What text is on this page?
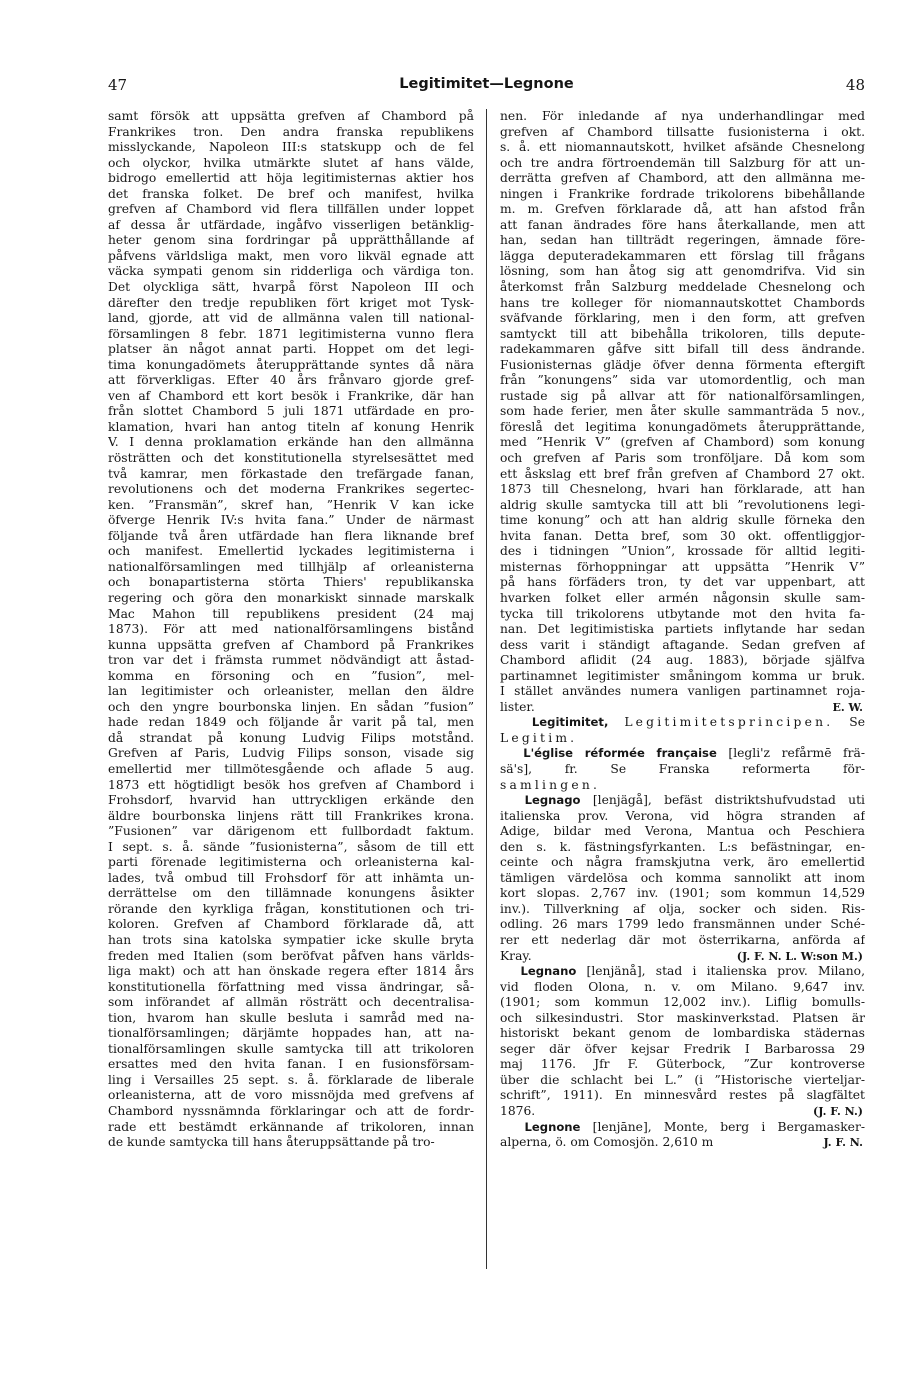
47	Legitimitet—Legnone	48
samt försök att uppsätta grefven af Chambord på
Frankrikes tron. Den andra franska republikens
misslyckande, Napoleon III:s statskupp och de fel
och olyckor, hvilka utmärkte slutet af hans välde,
bidrogo emellertid att höja legitimisternas aktier hos
det franska folket. De bref och manifest, hvilka
grefven af Chambord vid flera tillfällen under loppet
af dessa år utfärdade, ingåfvo visserligen betänklig-
heter genom sina fordringar på upprätthållande af
påfvens världsliga makt, men voro likväl egnade att
väcka sympati genom sin ridderliga och värdiga ton.
Det olyckliga sätt, hvarpå först Napoleon III och
därefter den tredje republiken fört kriget mot Tysk-
land, gjorde, att vid de allmänna valen till national-
församlingen 8 febr. 1871 legitimisterna vunno flera
platser än något annat parti. Hoppet om det legi-
tima konungadömets återupprättande syntes då nära
att förverkligas. Efter 40 års frånvaro gjorde gref-
ven af Chambord ett kort besök i Frankrike, där han
från slottet Chambord 5 juli 1871 utfärdade en pro-
klamation, hvari han antog titeln af konung Henrik
V. I denna proklamation erkände han den allmänna
rösträtten och det konstitutionella styrelsesättet med
två kamrar, men förkastade den trefärgade fanan,
revolutionens och det moderna Frankrikes segertec-
ken. ”Fransmän”, skref han, ”Henrik V kan icke
öfverge Henrik IV:s hvita fana.” Under de närmast
följande två åren utfärdade han flera liknande bref
och manifest. Emellertid lyckades legitimisterna i
nationalförsamlingen med tillhjälp af orleanisterna
och bonapartisterna störta Thiers' republikanska
regering och göra den monarkiskt sinnade marskalk
Mac Mahon till republikens president (24 maj
1873). För att med nationalförsamlingens bistånd
kunna uppsätta grefven af Chambord på Frankrikes
tron var det i främsta rummet nödvändigt att åstad-
komma en försoning och en ”fusion”, mel-
lan legitimister och orleanister, mellan den äldre
och den yngre bourbonska linjen. En sådan ”fusion”
hade redan 1849 och följande år varit på tal, men
då strandat på konung Ludvig Filips motstånd.
Grefven af Paris, Ludvig Filips sonson, visade sig
emellertid mer tillmötesgående och aflade 5 aug.
1873 ett högtidligt besök hos grefven af Chambord i
Frohsdorf, hvarvid han uttryckligen erkände den
äldre bourbonska linjens rätt till Frankrikes krona.
”Fusionen” var därigenom ett fullbordadt faktum.
I sept. s. å. sände ”fusionisterna”, såsom de till ett
parti förenade legitimisterna och orleanisterna kal-
lades, två ombud till Frohsdorf för att inhämta un-
derrättelse om den tillämnade konungens åsikter
rörande den kyrkliga frågan, konstitutionen och tri-
koloren. Grefven af Chambord förklarade då, att
han trots sina katolska sympatier icke skulle bryta
freden med Italien (som beröfvat påfven hans världs-
liga makt) och att han önskade regera efter 1814 års
konstitutionella författning med vissa ändringar, så-
som införandet af allmän rösträtt och decentralisa-
tion, hvarom han skulle besluta i samråd med na-
tionalförsamlingen; därjämte hoppades han, att na-
tionalförsamlingen skulle samtycka till att trikoloren
ersattes med den hvita fanan. I en fusionsförsam-
ling i Versailles 25 sept. s. å. förklarade de liberale
orleanisterna, att de voro missnöjda med grefvens af
Chambord nyssnämnda förklaringar och att de fordr-
rade ett bestämdt erkännande af trikoloren, innan
de kunde samtycka till hans återuppsättande på tro-
nen. För inledande af nya underhandlingar med
grefven af Chambord tillsatte fusionisterna i okt.
s. å. ett niomannautskott, hvilket afsände Chesnelong
och tre andra förtroendemän till Salzburg för att un-
derrätta grefven af Chambord, att den allmänna me-
ningen i Frankrike fordrade trikolorens bibehållande
m. m. Grefven förklarade då, att han afstod från
att fanan ändrades före hans återkallande, men att
han, sedan han tillträdt regeringen, ämnade före-
lägga deputeradekammaren ett förslag till frågans
lösning, som han åtog sig att genomdrifva. Vid sin
återkomst från Salzburg meddelade Chesnelong och
hans tre kolleger för niomannautskottet Chambords
sväfvande förklaring, men i den form, att grefven
samtyckt till att bibehålla trikoloren, tills depute-
radekammaren gåfve sitt bifall till dess ändrande.
Fusionisternas glädje öfver denna förmenta eftergift
från ”konungens” sida var utomordentlig, och man
rustade sig på allvar att för nationalförsamlingen,
som hade ferier, men åter skulle sammanträda 5 nov.,
föreslå det legitima konungadömets återupprättande,
med ”Henrik V” (grefven af Chambord) som konung
och grefven af Paris som tronföljare. Då kom som
ett åskslag ett bref från grefven af Chambord 27 okt.
1873 till Chesnelong, hvari han förklarade, att han
aldrig skulle samtycka till att bli ”revolutionens legi-
time konung” och att han aldrig skulle förneka den
hvita fanan. Detta bref, som 30 okt. offentliggjor-
des i tidningen ”Union”, krossade för alltid legiti-
misternas förhoppningar att uppsätta ”Henrik V”
på hans förfäders tron, ty det var uppenbart, att
hvarken folket eller armén någonsin skulle sam-
tycka till trikolorens utbytande mot den hvita fa-
nan. Det legitimistiska partiets inflytande har sedan
dess varit i ständigt aftagande. Sedan grefven af
Chambord aflidit (24 aug. 1883), började själfva
partinamnet legitimister småningom komma ur bruk.
I stället användes numera vanligen partinamnet roja-
lister.	E. W.
Legitimitet, Legitimitetsprincipen. Se
Legitim.
L'église réformée française [legli'z refårmē frä-
sä's], fr. Se Franska reformerta för-
samlingen.
Legnago [lenjägå], befäst distriktshufvudstad uti
italienska prov. Verona, vid högra stranden af
Adige, bildar med Verona, Mantua och Peschiera
den s. k. fästningsfyrkanten. L:s befästningar, en-
ceinte och några framskjutna verk, äro emellertid
tämligen värdelösa och komma sannolikt att inom
kort slopas. 2,767 inv. (1901; som kommun 14,529
inv.). Tillverkning af olja, socker och siden. Ris-
odling. 26 mars 1799 ledo fransmännen under Sché-
rer ett nederlag där mot österrikarna, anförda af
Kray.	(J. F. N. L. W:son M.)
Legnano [lenjänå], stad i italienska prov. Milano,
vid floden Olona, n. v. om Milano. 9,647 inv.
(1901; som kommun 12,002 inv.). Liflig bomulls-
och silkesindustri. Stor maskinverkstad. Platsen är
historiskt bekant genom de lombardiska städernas
seger där öfver kejsar Fredrik I Barbarossa 29
maj 1176. Jfr F. Güterbock, ”Zur kontroverse
über die schlacht bei L.” (i ”Historische vierteljar-
schrift”, 1911). En minnesvård restes på slagfältet
1876.	(J. F. N.)
Legnone [lenjāne], Monte, berg i Bergamasker-
alperna, ö. om Comosjön. 2,610 m	J. F. N.
